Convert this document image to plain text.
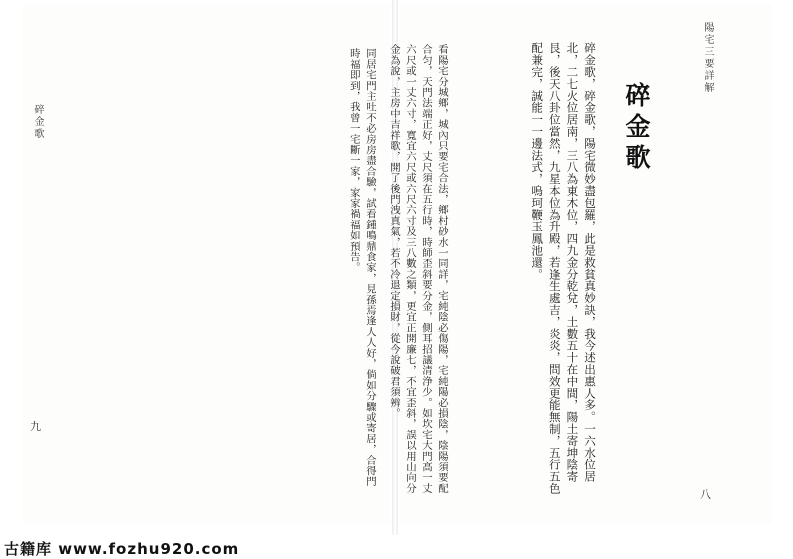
陽宅三要詳解
八
碎金歌
碎金歌，碎金歌，陽宅微妙盡包羅，此是救貧真妙訣，我今述出惠人多。一六水位居北，二七火位居南，三八為東木位，四九金分乾兌，土數五十在中間，陽土寄坤陰寄艮，後天八卦位當然，九星本位為升殿，若逢生處吉，炎炎，問效更能無制，五行五色配兼完，誠能一一邊法式，嗚珂鞭玉鳳池還。
碎金歌
九	同居宅門主吐不必房房盡合驗，試看鍾鳴鼎食家，見孫焉逢人人好，倘如分驟或寄居，合得門時福即到，我曾一宅斷一家，家家禍福如預告。
古籍库 www.fozhu920.com
看陽宅分城鄉，城內只要宅合法，鄉村砂水一同詳，宅純陰必傷陽，宅純陽必損陰，陰陽須要配合匀，天門法端正好，丈尺須在五行時，時師歪斜要分金，側耳招議清浄少。如坎宅大門高一丈六尺或一丈六寸，寬宜六尺或六尺六寸及三八數之類，更宜正開廉七，不宜歪斜，誤以用山向分金為說，主房中吉祥歌，開了後門洩真氣，若不冷退定損財，從今說破君須辨。
